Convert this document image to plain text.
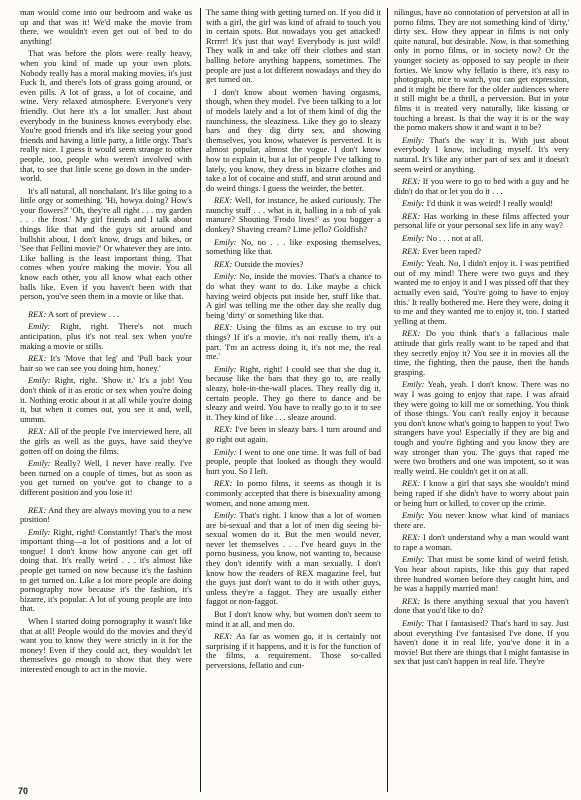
man would come into our bedroom and wake us up and that was it! We'd make the movie from there, we wouldn't even get out of bed to do anything!

That was before the plots were really heavy, when you kind of made up your own plots. Nobody really has a moral making movies, it's just Fuck It, and there's lots of grass going around, or even pills. A lot of grass, a lot of cocaine, and wine. Very relaxed atmosphere. Everyone's very friendly. Out here it's a lot smaller. Just about everybody in the business knows everybody else. You're good friends and it's like seeing your good friends and having a little party, a little orgy. That's really nice. I guess it would seem strange to other people, too, people who weren't involved with that, to see that little scene go down in the under-world.

It's all natural, all nonchalant. It's like going to a little orgy or something. 'Hi, howya doing? How's your flowers?' 'Oh, they're all right . . . my garden . . . the frost.' My girl friends and I talk about things like that and the guys sit around and bullshit about, I don't know, drugs and bikes, or 'See that Fellini movie?' Or whatever they are into. Like balling is the least important thing. That comes when you're making the movie. You all know each other, you all know what each other balls like. Even if you haven't been with that person, you've seen them in a movie or like that.

REX: A sort of preview . . .

Emily: Right, right. There's not much anticipation, plus it's not real sex when you're making a movie or stills.

REX: It's 'Move that leg' and 'Pull back your hair so we can see you doing him, honey.'

Emily: Right, right. 'Show it.' It's a job! You don't think of it as erotic or sex when you're doing it. Nothing erotic about it at all while you're doing it, but when it comes out, you see it and, well, ummm.

REX: All of the people I've interviewed here, all the girls as well as the guys, have said they've gotten off on doing the films.

Emily: Really? Well, I never have really. I've been turned on a couple of times, but as soon as you get turned on you've got to change to a different position and you lose it!

REX: And they are always moving you to a new position!

Emily: Right, right! Constantly! That's the most important thing—a lot of positions and a lot of tongue! I don't know how anyone can get off doing that. It's really weird . . . it's almost like people get turned on now because it's the fashion to get turned on. Like a lot more people are doing pornography now because it's the fashion, it's bizarre, it's popular. A lot of young people are into that.

When I started doing pornography it wasn't like that at all! People would do the movies and they'd want you to know they were strictly in it for the money! Even if they could act, they wouldn't let themselves go enough to show that they were interested enough to act in the movie.

The same thing with getting turned on. If you did it with a girl, the girl was kind of afraid to touch you in certain spots. But nowadays you get attacked! Rrrrrr! It's just that way! Everybody is just wild! They walk in and take off their clothes and start balling before anything happens, sometimes. The people are just a lot different nowadays and they do get turned on.

I don't know about women having orgasms, though, when they model. I've been talking to a lot of models lately and a lot of them kind of dig the raunchiness, the sleaziness. Like they go to sleazy bars and they dig dirty sex, and showing themselves, you know, whatever is perverted. It is almost popular, almost the vogue. I don't know how to explain it, but a lot of people I've talking to lately, you know, they dress in bizarre clothes and take a lot of cocaine and stuff, and strut around and do weird things. I guess the weirder, the better.

REX: Well, for instance, he asked curiously. The raunchy stuff . . . what is it, balling in a tub of yak manure? Shouting 'Frodo lives!' as you bugger a donkey? Shaving cream? Lime jello? Goldfish?

Emily: No, no . . . like exposing themselves, something like that.

REX: Outside the movies?

Emily: No, inside the movies. That's a chance to do what they want to do. Like maybe a chick having weird objects put inside her, stuff like that. A girl was telling me the other day she really dug being 'dirty' or something like that.

REX: Using the films as an excuse to try out things? If it's a movie, it's not really them, it's a part. 'I'm an actress doing it, it's not me, the real me.'

Emily: Right, right! I could see that she dug it, because like the bars that they go to, are really sleazy, hole-in-the-wall places. They really dig it, certain people. They go there to dance and be sleazy and weird. You have to really go to it to see it. They kind of like . . . sleaze around.

REX: I've been in sleazy bars. I turn around and go right out again.

Emily: I went to one one time. It was full of bad people, people that looked as though they would hurt you. So I left.

REX: In porno films, it seems as though it is commonly accepted that there is bisexuality among women, and none among men.

Emily: That's right. I know that a lot of women are bi-sexual and that a lot of men dig seeing bi-sexual women do it. But the men would never, never let themselves . . . I've heard guys in the porno business, you know, not wanting to, because they don't identify with a man sexually. I don't know how the readers of REX magazine feel, but the guys just don't want to do it with other guys, unless they're a faggot. They are usually either faggot or non-faggot.

But I don't know why, but women don't seem to mind it at all, and men do.

REX: As far as women go, it is certainly not surprising if it happens, and it is for the function of the films, a requirement. Those so-called perversions, fellatio and cun-

nilingus, have no connotation of perversion at all in porno films. They are not something kind of 'dirty,' dirty sex. How they appear in films is not only quite natural, but desirable. Now, is that something only in porno films, or in society now? Or the younger society as opposed to say people in their forties. We know why fellatio is there, it's easy to photograph, nice to watch, you can get expression, and it might be there for the older audiences where it still might be a thrill, a perversion. But in your films it is treated very naturally, like kissing or touching a breast. Is that the way it is or the way the porno makers show it and want it to be?

Emily: That's the way it is. With just about everybody I know, including myself. It's very natural. It's like any other part of sex and it doesn't seem weird or anything.

REX: If you were to go to bed with a guy and he didn't do that or let you do it . . .

Emily: I'd think it was weird! I really would!

REX: Has working in these films affected your personal life or your personal sex life in any way?

Emily: No . . . not at all.

REX: Ever been raped?

Emily: Yeah. No, I didn't enjoy it. I was petrified out of my mind! There were two guys and they wanted me to enjoy it and I was pissed off that they actually even said, 'You're going to have to enjoy this.' It really bothered me. Here they were, doing it to me and they wanted me to enjoy it, too. I started yelling at them.

REX: Do you think that's a fallacious male attitude that girls really want to be raped and that they secretly enjoy it? You see it in movies all the time, the fighting, then the pause, then the hands grasping.

Emily: Yeah, yeah. I don't know. There was no way I was going to enjoy that rape. I was afraid they were going to kill me or something. You think of those things. You can't really enjoy it because you don't know what's going to happen to you! Two strangers have you! Especially if they are big and tough and you're fighting and you know they are way stronger than you. The guys that raped me were two brothers and one was impotent, so it was really weird. He couldn't get it on at all.

REX: I know a girl that says she wouldn't mind being raped if she didn't have to worry about pain or being hurt or killed, to cover up the crime.

Emily: You never know what kind of maniacs there are.

REX: I don't understand why a man would want to rape a woman.

Emily: That must be some kind of weird fetish. You hear about rapists, like this guy that raped three hundred women before they caught him, and he was a happily married man!

REX: Is there anything sexual that you haven't done that you'd like to do?

Emily: That I fantasised? That's hard to say. Just about everything I've fantasised I've done. If you haven't done it in real life, you've done it in a movie! But there are things that I might fantasise in sex that just can't happen in real life. They're

70
